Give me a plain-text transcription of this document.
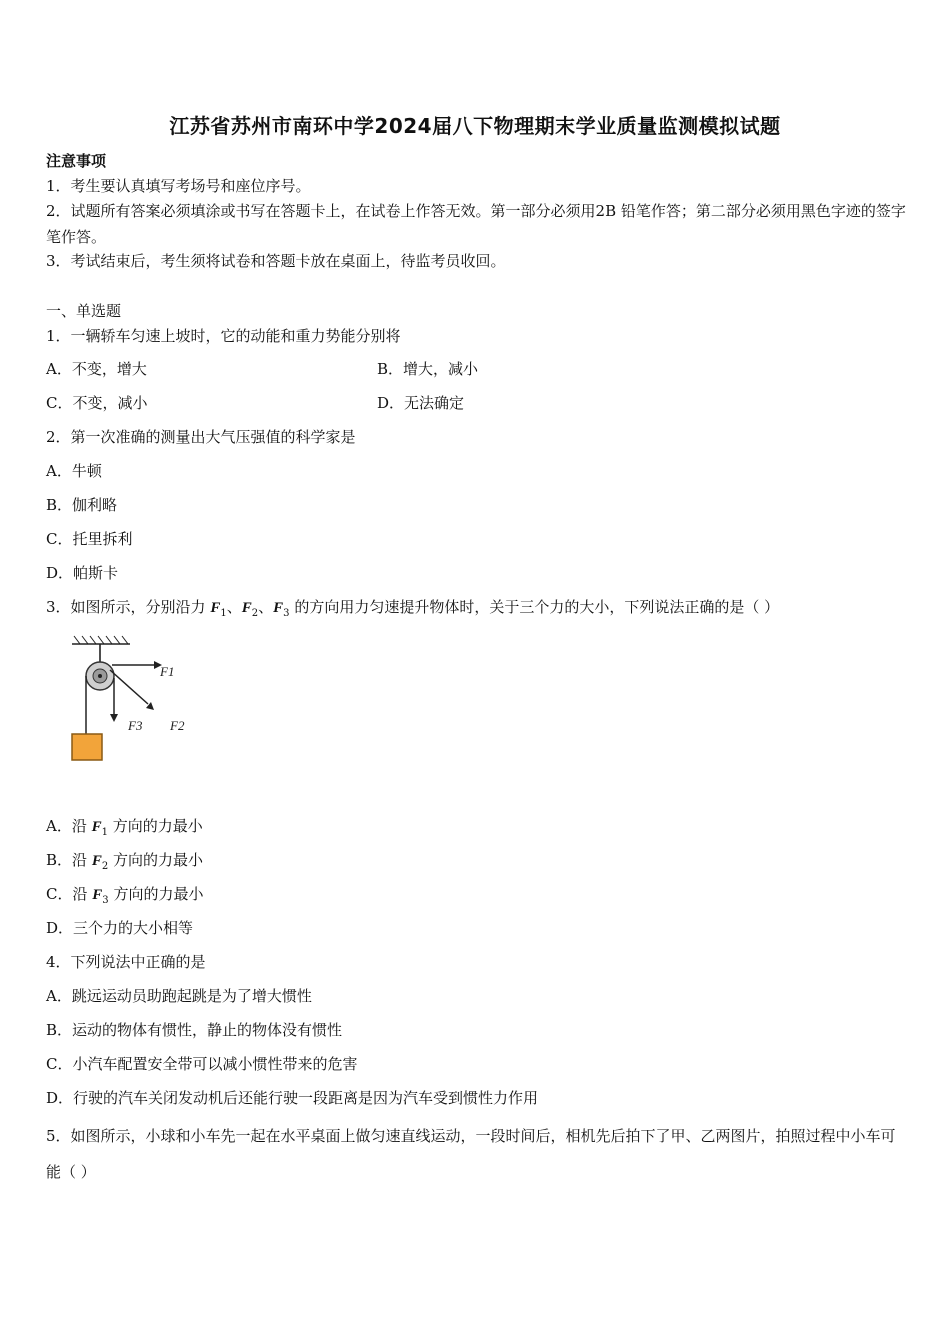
江苏省苏州市南环中学2024届八下物理期末学业质量监测模拟试题
注意事项
1．考生要认真填写考场号和座位序号。
2．试题所有答案必须填涂或书写在答题卡上，在试卷上作答无效。第一部分必须用2B 铅笔作答；第二部分必须用黑色字迹的签字笔作答。
3．考试结束后，考生须将试卷和答题卡放在桌面上，待监考员收回。
一、单选题
1．一辆轿车匀速上坡时，它的动能和重力势能分别将
A．不变，增大	B．增大，减小
C．不变，减小	D．无法确定
2．第一次准确的测量出大气压强值的科学家是
A．牛顿
B．伽利略
C．托里拆利
D．帕斯卡
3．如图所示，分别沿力 $F_1$、$F_2$、$F_3$ 的方向用力匀速提升物体时，关于三个力的大小，下列说法正确的是（ ）
F1
F3 F2
A．沿 $F_1$ 方向的力最小
B．沿 $F_2$ 方向的力最小
C．沿 $F_3$ 方向的力最小
D．三个力的大小相等
4．下列说法中正确的是
A．跳远运动员助跑起跳是为了增大惯性
B．运动的物体有惯性，静止的物体没有惯性
C．小汽车配置安全带可以减小惯性带来的危害
D．行驶的汽车关闭发动机后还能行驶一段距离是因为汽车受到惯性力作用
5．如图所示，小球和小车先一起在水平桌面上做匀速直线运动，一段时间后，相机先后拍下了甲、乙两图片，拍照过程中小车可能（ ）
